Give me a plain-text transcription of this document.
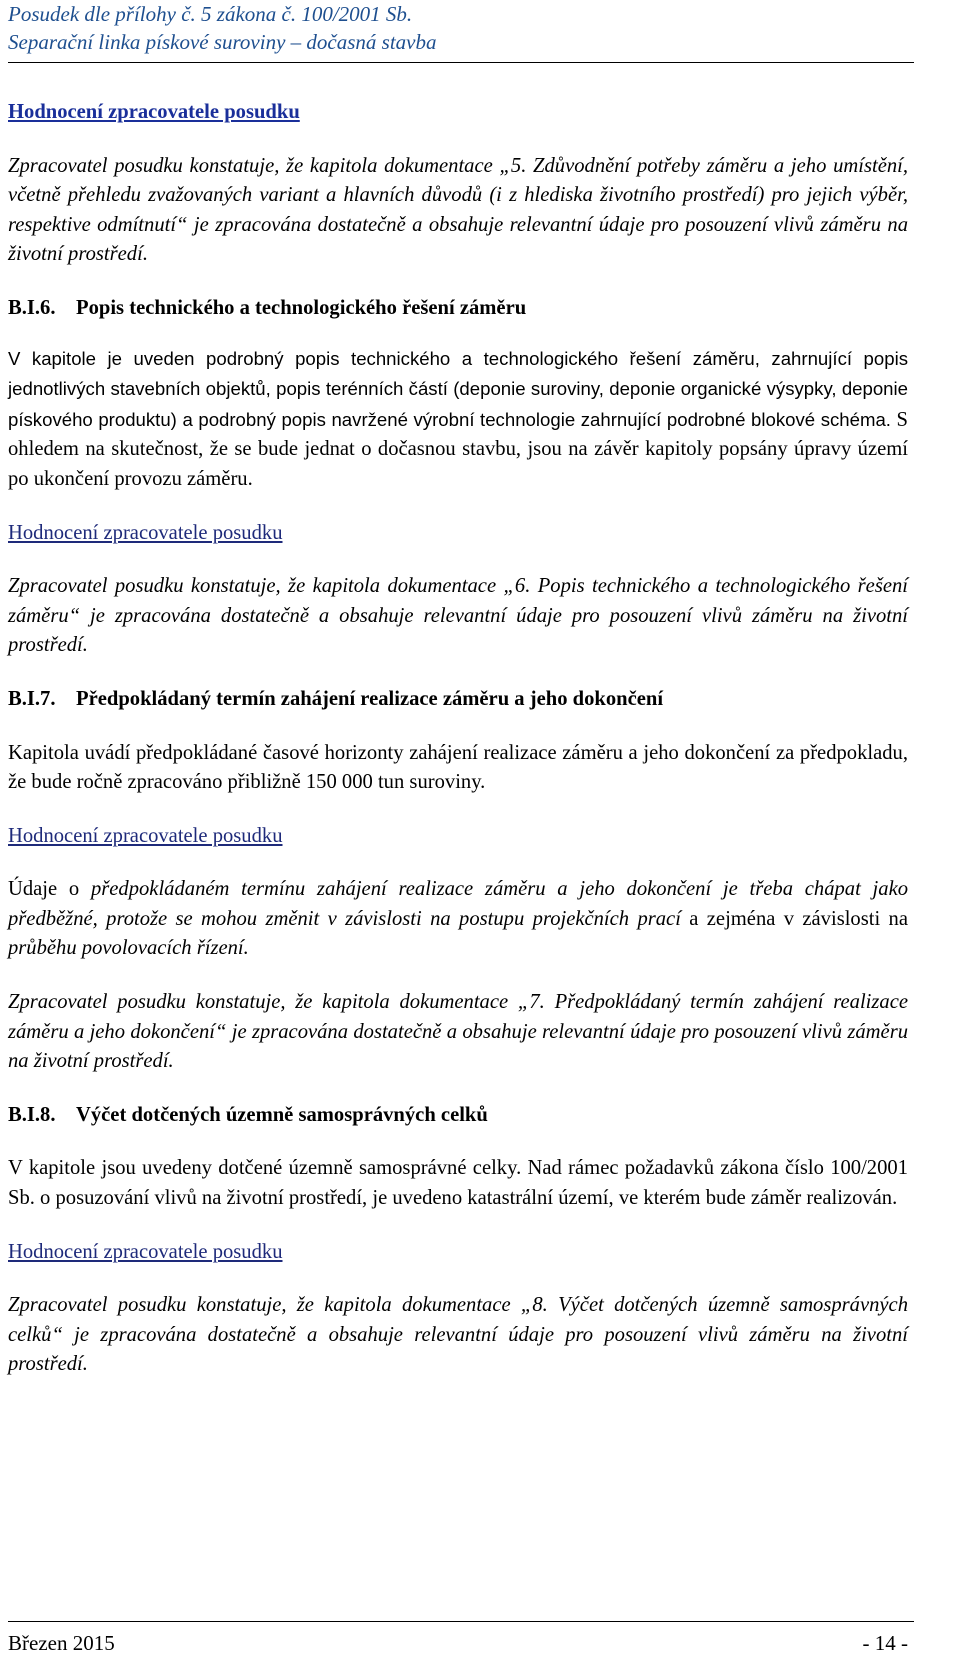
Posudek dle přílohy č. 5 zákona č. 100/2001 Sb.
Separační linka pískové suroviny – dočasná stavba

Hodnocení zpracovatele posudku

Zpracovatel posudku konstatuje, že kapitola dokumentace „5. Zdůvodnění potřeby záměru a jeho umístění, včetně přehledu zvažovaných variant a hlavních důvodů (i z hlediska životního prostředí) pro jejich výběr, respektive odmítnutí“ je zpracována dostatečně a obsahuje relevantní údaje pro posouzení vlivů záměru na životní prostředí.

B.I.6. Popis technického a technologického řešení záměru

V kapitole je uveden podrobný popis technického a technologického řešení záměru, zahrnující popis jednotlivých stavebních objektů, popis terénních částí (deponie suroviny, deponie organické výsypky, deponie pískového produktu) a podrobný popis navržené výrobní technologie zahrnující podrobné blokové schéma. S ohledem na skutečnost, že se bude jednat o dočasnou stavbu, jsou na závěr kapitoly popsány úpravy území po ukončení provozu záměru.

Hodnocení zpracovatele posudku

Zpracovatel posudku konstatuje, že kapitola dokumentace „6. Popis technického a technologického řešení záměru“ je zpracována dostatečně a obsahuje relevantní údaje pro posouzení vlivů záměru na životní prostředí.

B.I.7. Předpokládaný termín zahájení realizace záměru a jeho dokončení

Kapitola uvádí předpokládané časové horizonty zahájení realizace záměru a jeho dokončení za předpokladu, že bude ročně zpracováno přibližně 150 000 tun suroviny.

Hodnocení zpracovatele posudku

Údaje o předpokládaném termínu zahájení realizace záměru a jeho dokončení je třeba chápat jako předběžné, protože se mohou změnit v závislosti na postupu projekčních prací a zejména v závislosti na průběhu povolovacích řízení.

Zpracovatel posudku konstatuje, že kapitola dokumentace „7. Předpokládaný termín zahájení realizace záměru a jeho dokončení“ je zpracována dostatečně a obsahuje relevantní údaje pro posouzení vlivů záměru na životní prostředí.

B.I.8. Výčet dotčených územně samosprávných celků

V kapitole jsou uvedeny dotčené územně samosprávné celky. Nad rámec požadavků zákona číslo 100/2001 Sb. o posuzování vlivů na životní prostředí, je uvedeno katastrální území, ve kterém bude záměr realizován.

Hodnocení zpracovatele posudku

Zpracovatel posudku konstatuje, že kapitola dokumentace „8. Výčet dotčených územně samosprávných celků“ je zpracována dostatečně a obsahuje relevantní údaje pro posouzení vlivů záměru na životní prostředí.

Březen 2015	- 14 -
